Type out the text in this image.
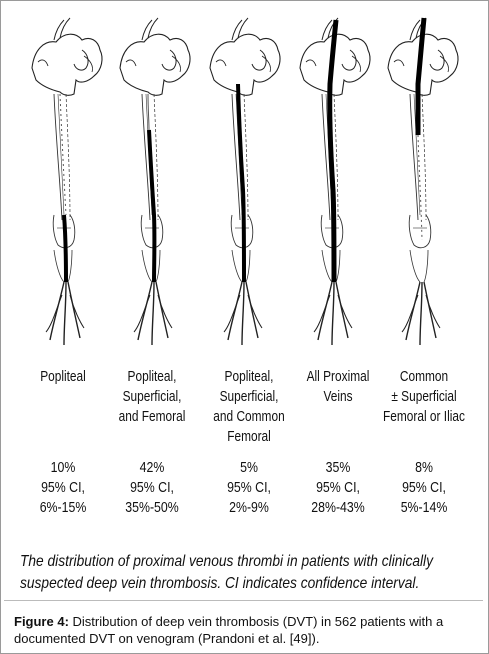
Popliteal	Popliteal,
Superficial,
and Femoral
Popliteal,
Superficial,
and Common
Femoral
All Proximal
Veins
Common
± Superficial
Femoral or Iliac
10%
95% CI,
6%-15%
42%
95% CI,
35%-50%
5%
95% CI,
2%-9%
35%
95% CI,
28%-43%
8%
95% CI,
5%-14%
The distribution of proximal venous thrombi in patients with clinically
suspected deep vein thrombosis. CI indicates confidence interval.
Figure 4: Distribution of deep vein thrombosis (DVT) in 562 patients with a documented DVT on venogram (Prandoni et al. [49]).
